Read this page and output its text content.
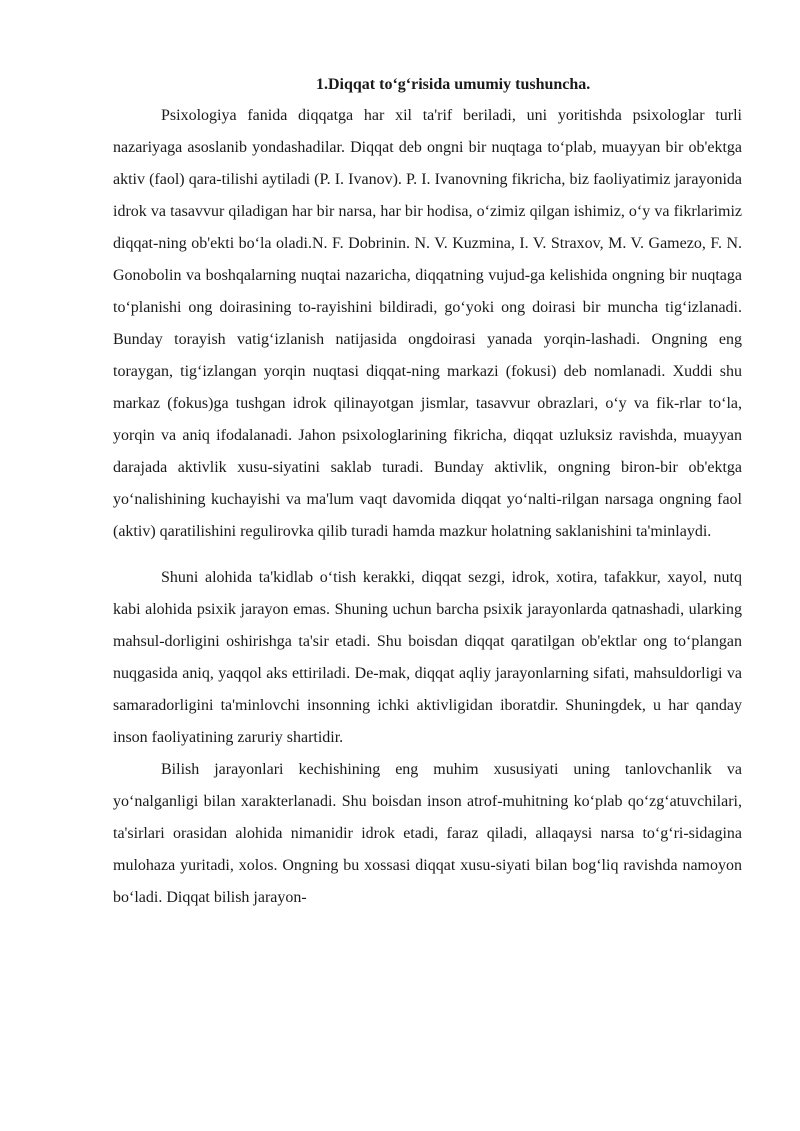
1.Diqqat to‘g‘risida umumiy tushuncha.

Psixologiya fanida diqqatga har xil ta'rif beriladi, uni yoritishda psixologlar turli nazariyaga asoslanib yondashadilar. Diqqat deb ongni bir nuqtaga to‘plab, muayyan bir ob'ektga aktiv (faol) qara-tilishi aytiladi (P. I. Ivanov). P. I. Ivanovning fikricha, biz faoliyatimiz jarayonida idrok va tasavvur qiladigan har bir narsa, har bir hodisa, o‘zimiz qilgan ishimiz, o‘y va fikrlarimiz diqqat-ning ob'ekti bo‘la oladi.N. F. Dobrinin. N. V. Kuzmina, I. V. Straxov, M. V. Gamezo, F. N. Gonobolin va boshqalarning nuqtai nazaricha, diqqatning vujud-ga kelishida ongning bir nuqtaga to‘planishi ong doirasining to-rayishini bildiradi, go‘yoki ong doirasi bir muncha tig‘izlanadi. Bunday torayish vatig‘izlanish natijasida ongdoirasi yanada yorqin-lashadi. Ongning eng toraygan, tig‘izlangan yorqin nuqtasi diqqat-ning markazi (fokusi) deb nomlanadi. Xuddi shu markaz (fokus)ga tushgan idrok qilinayotgan jismlar, tasavvur obrazlari, o‘y va fik-rlar to‘la, yorqin va aniq ifodalanadi. Jahon psixologlarining fikricha, diqqat uzluksiz ravishda, muayyan darajada aktivlik xusu-siyatini saklab turadi. Bunday aktivlik, ongning biron-bir ob'ektga yo‘nalishining kuchayishi va ma'lum vaqt davomida diqqat yo‘nalti-rilgan narsaga ongning faol (aktiv) qaratilishini regulirovka qilib turadi hamda mazkur holatning saklanishini ta'minlaydi.

Shuni alohida ta'kidlab o‘tish kerakki, diqqat sezgi, idrok, xotira, tafakkur, xayol, nutq kabi alohida psixik jarayon emas. Shuning uchun barcha psixik jarayonlarda qatnashadi, ularking mahsul-dorligini oshirishga ta'sir etadi. Shu boisdan diqqat qaratilgan ob'ektlar ong to‘plangan nuqgasida aniq, yaqqol aks ettiriladi. De-mak, diqqat aqliy jarayonlarning sifati, mahsuldorligi va samaradorligini ta'minlovchi insonning ichki aktivligidan iboratdir. Shuningdek, u har qanday inson faoliyatining zaruriy shartidir.

Bilish jarayonlari kechishining eng muhim xususiyati uning tanlovchanlik va yo‘nalganligi bilan xarakterlanadi. Shu boisdan inson atrof-muhitning ko‘plab qo‘zg‘atuvchilari, ta'sirlari orasidan alohida nimanidir idrok etadi, faraz qiladi, allaqaysi narsa to‘g‘ri-sidagina mulohaza yuritadi, xolos. Ongning bu xossasi diqqat xusu-siyati bilan bog‘liq ravishda namoyon bo‘ladi. Diqqat bilish jarayon-
